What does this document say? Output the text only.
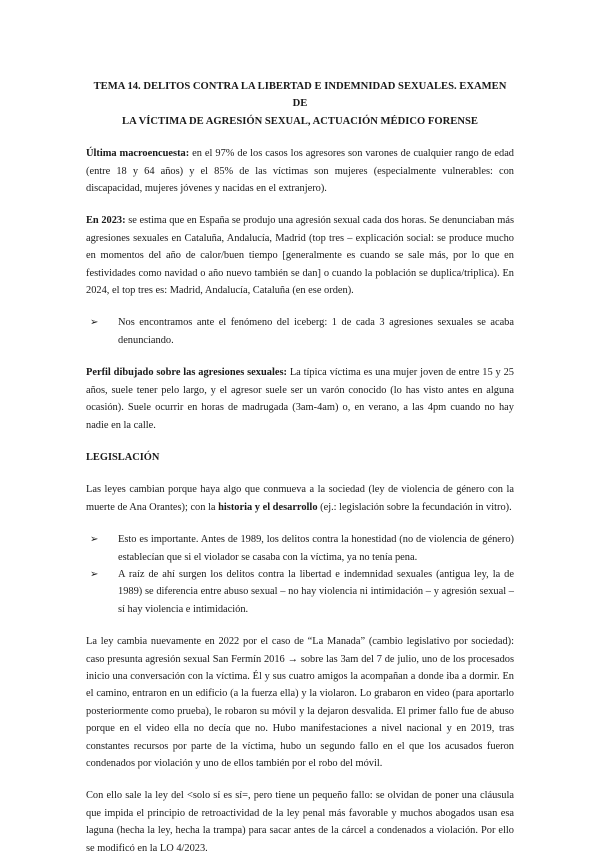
TEMA 14. DELITOS CONTRA LA LIBERTAD E INDEMNIDAD SEXUALES. EXAMEN DE
LA VÍCTIMA DE AGRESIÓN SEXUAL, ACTUACIÓN MÉDICO FORENSE

Última macroencuesta: en el 97% de los casos los agresores son varones de cualquier rango de edad (entre 18 y 64 años) y el 85% de las víctimas son mujeres (especialmente vulnerables: con discapacidad, mujeres jóvenes y nacidas en el extranjero).

En 2023: se estima que en España se produjo una agresión sexual cada dos horas. Se denunciaban más agresiones sexuales en Cataluña, Andalucía, Madrid (top tres – explicación social: se produce mucho en momentos del año de calor/buen tiempo [generalmente es cuando se sale más, por lo que en festividades como navidad o año nuevo también se dan] o cuando la población se duplica/triplica). En 2024, el top tres es: Madrid, Andalucía, Cataluña (en ese orden).

➢ Nos encontramos ante el fenómeno del iceberg: 1 de cada 3 agresiones sexuales se acaba denunciando.

Perfil dibujado sobre las agresiones sexuales: La típica víctima es una mujer joven de entre 15 y 25 años, suele tener pelo largo, y el agresor suele ser un varón conocido (lo has visto antes en alguna ocasión). Suele ocurrir en horas de madrugada (3am-4am) o, en verano, a las 4pm cuando no hay nadie en la calle.

LEGISLACIÓN

Las leyes cambian porque haya algo que conmueva a la sociedad (ley de violencia de género con la muerte de Ana Orantes); con la historia y el desarrollo (ej.: legislación sobre la fecundación in vitro).

➢ Esto es importante. Antes de 1989, los delitos contra la honestidad (no de violencia de género) establecían que si el violador se casaba con la víctima, ya no tenía pena.
➢ A raíz de ahí surgen los delitos contra la libertad e indemnidad sexuales (antigua ley, la de 1989) se diferencia entre abuso sexual – no hay violencia ni intimidación – y agresión sexual – sí hay violencia e intimidación.

La ley cambia nuevamente en 2022 por el caso de “La Manada” (cambio legislativo por sociedad): caso presunta agresión sexual San Fermín 2016 → sobre las 3am del 7 de julio, uno de los procesados inicio una conversación con la víctima. Él y sus cuatro amigos la acompañan a donde iba a dormir. En el camino, entraron en un edificio (a la fuerza ella) y la violaron. Lo grabaron en video (para aportarlo posteriormente como prueba), le robaron su móvil y la dejaron desvalida. El primer fallo fue de abuso porque en el video ella no decía que no. Hubo manifestaciones a nivel nacional y en 2019, tras constantes recursos por parte de la víctima, hubo un segundo fallo en el que los acusados fueron condenados por violación y uno de ellos también por el robo del móvil.

Con ello sale la ley del <solo sí es sí=, pero tiene un pequeño fallo: se olvidan de poner una cláusula que impida el principio de retroactividad de la ley penal más favorable y muchos abogados usan esa laguna (hecha la ley, hecha la trampa) para sacar antes de la cárcel a condenados a violación. Por ello se modificó en la LO 4/2023.
